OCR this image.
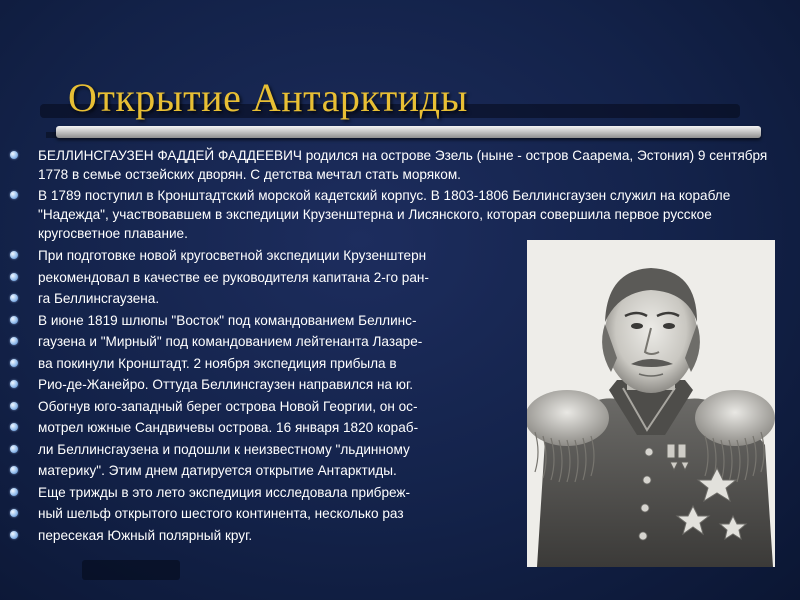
Открытие Антарктиды
БЕЛЛИНСГАУЗЕН ФАДДЕЙ ФАДДЕЕВИЧ родился на острове Эзель (ныне - остров Саарема, Эстония) 9 сентября 1778 в семье остзейских дворян. С детства мечтал стать моряком.
В 1789 поступил в Кронштадтский морской кадетский корпус. В 1803-1806 Беллинсгаузен служил на корабле "Надежда", участвовавшем в экспедиции Крузенштерна и Лисянского, которая совершила первое русское кругосветное плавание.
При подготовке новой кругосветной экспедиции Крузенштерн
рекомендовал в качестве ее руководителя капитана 2-го ран-
га Беллинсгаузена.
В июне 1819 шлюпы "Восток" под командованием Беллинс-
гаузена и "Мирный" под командованием лейтенанта Лазаре-
ва покинули Кронштадт. 2 ноября экспедиция прибыла в
Рио-де-Жанейро. Оттуда Беллинсгаузен направился на юг.
Обогнув юго-западный берег острова Новой Георгии, он ос-
мотрел южные Сандвичевы острова. 16 января 1820 кораб-
ли Беллинсгаузена и подошли к неизвестному "льдинному
материку". Этим днем датируется открытие Антарктиды.
Еще трижды в это лето экспедиция исследовала прибреж-
ный шельф открытого шестого континента, несколько раз
пересекая Южный полярный круг.
